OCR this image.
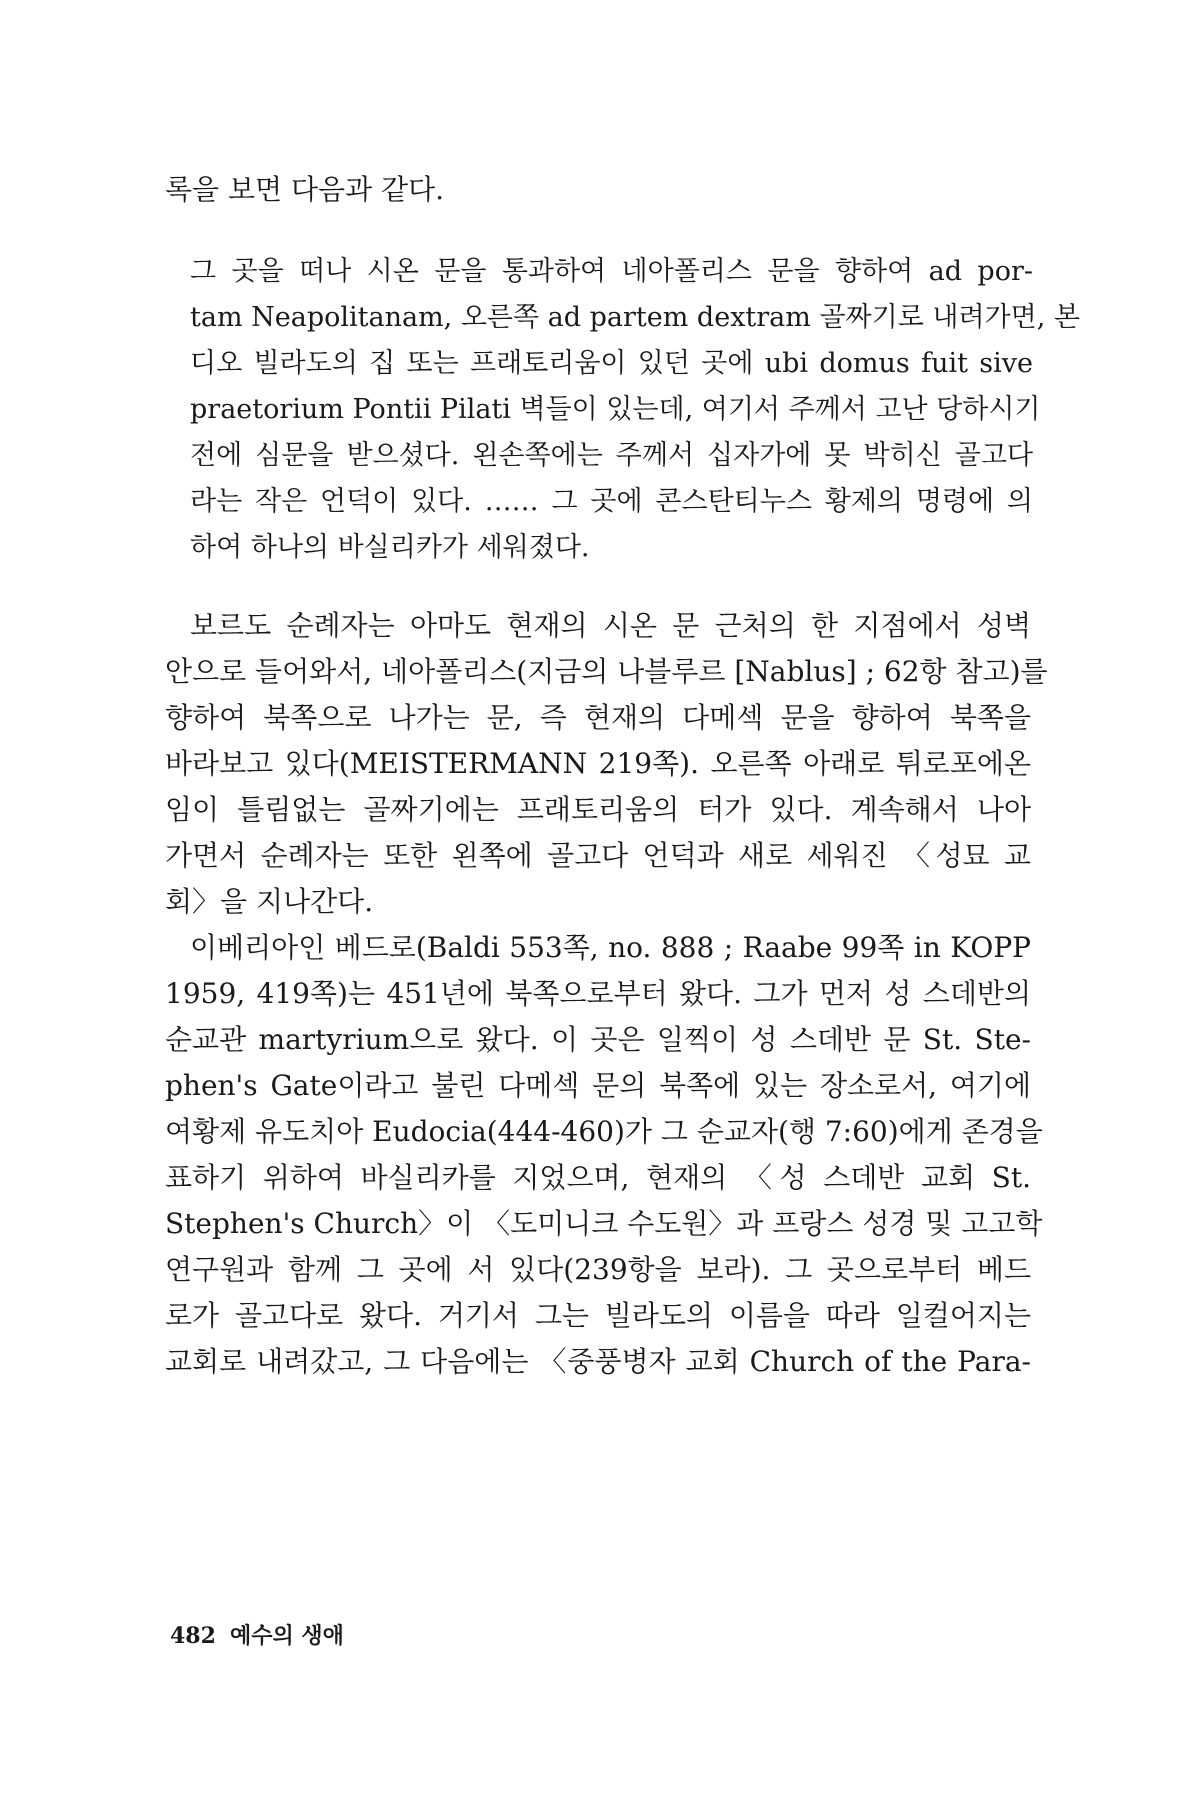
록을 보면 다음과 같다.
그 곳을 떠나 시온 문을 통과하여 네아폴리스 문을 향하여 ad por-
tam Neapolitanam, 오른쪽 ad partem dextram 골짜기로 내려가면, 본
디오 빌라도의 집 또는 프래토리움이 있던 곳에 ubi domus fuit sive
praetorium Pontii Pilati 벽들이 있는데, 여기서 주께서 고난 당하시기
전에 심문을 받으셨다. 왼손쪽에는 주께서 십자가에 못 박히신 골고다
라는 작은 언덕이 있다. …… 그 곳에 콘스탄티누스 황제의 명령에 의
하여 하나의 바실리카가 세워졌다.
보르도 순례자는 아마도 현재의 시온 문 근처의 한 지점에서 성벽
안으로 들어와서, 네아폴리스(지금의 나블루르 [Nablus] ; 62항 참고)를
향하여 북쪽으로 나가는 문, 즉 현재의 다메섹 문을 향하여 북쪽을
바라보고 있다(MEISTERMANN 219쪽). 오른쪽 아래로 튀로포에온
임이 틀림없는 골짜기에는 프래토리움의 터가 있다. 계속해서 나아
가면서 순례자는 또한 왼쪽에 골고다 언덕과 새로 세워진 〈성묘 교
회〉을 지나간다.
이베리아인 베드로(Baldi 553쪽, no. 888 ; Raabe 99쪽 in KOPP
1959, 419쪽)는 451년에 북쪽으로부터 왔다. 그가 먼저 성 스데반의
순교관 martyrium으로 왔다. 이 곳은 일찍이 성 스데반 문 St. Ste-
phen's Gate이라고 불린 다메섹 문의 북쪽에 있는 장소로서, 여기에
여황제 유도치아 Eudocia(444-460)가 그 순교자(행 7:60)에게 존경을
표하기 위하여 바실리카를 지었으며, 현재의 〈성 스데반 교회 St.
Stephen's Church〉이 〈도미니크 수도원〉과 프랑스 성경 및 고고학
연구원과 함께 그 곳에 서 있다(239항을 보라). 그 곳으로부터 베드
로가 골고다로 왔다. 거기서 그는 빌라도의 이름을 따라 일컬어지는
교회로 내려갔고, 그 다음에는 〈중풍병자 교회 Church of the Para-
482 예수의 생애
